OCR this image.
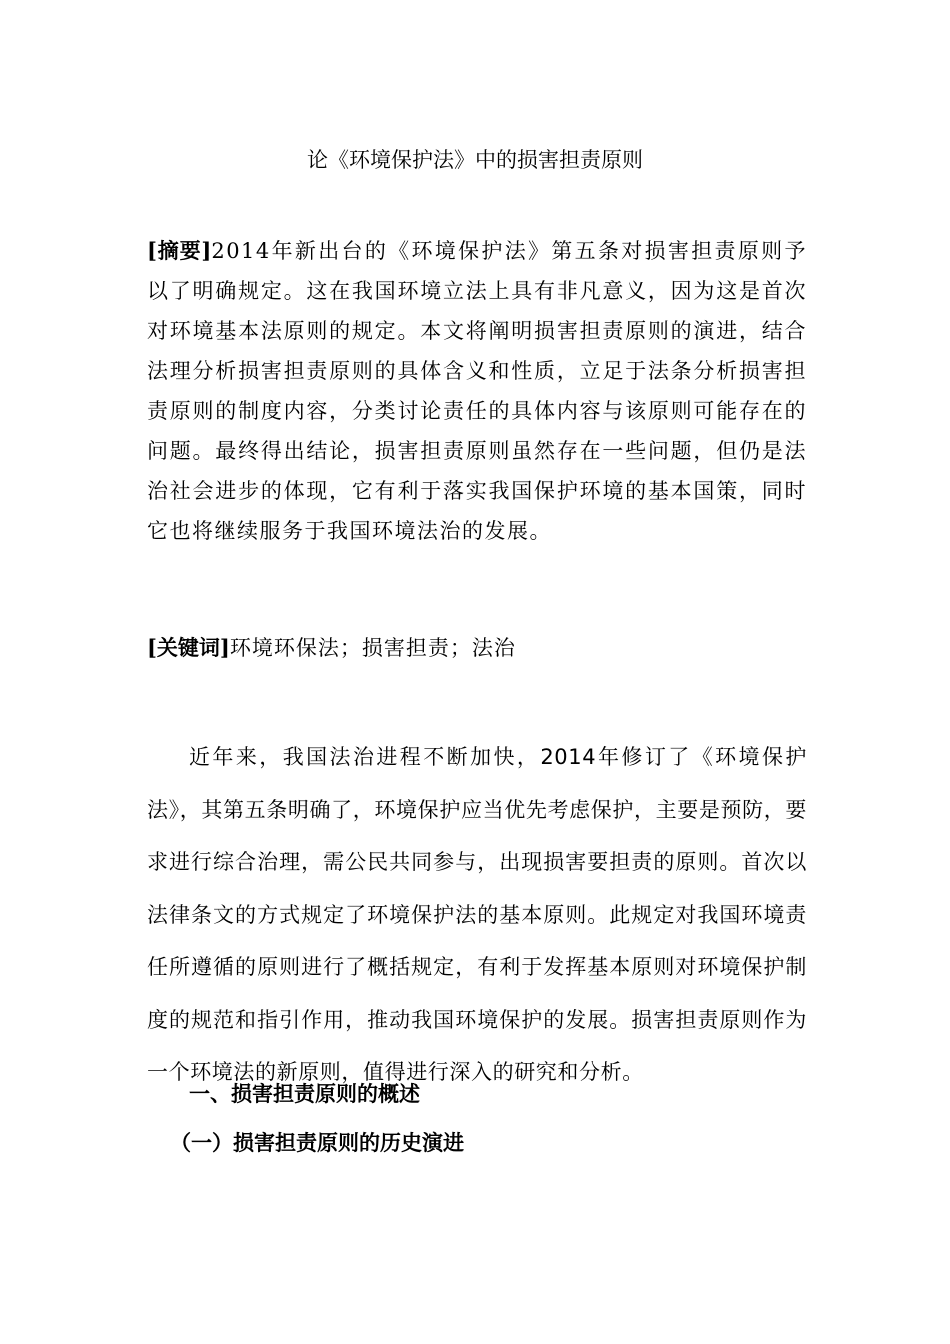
论《环境保护法》中的损害担责原则

[摘要]2014年新出台的《环境保护法》第五条对损害担责原则予以了明确规定。这在我国环境立法上具有非凡意义，因为这是首次对环境基本法原则的规定。本文将阐明损害担责原则的演进，结合法理分析损害担责原则的具体含义和性质，立足于法条分析损害担责原则的制度内容，分类讨论责任的具体内容与该原则可能存在的问题。最终得出结论，损害担责原则虽然存在一些问题，但仍是法治社会进步的体现，它有利于落实我国保护环境的基本国策，同时它也将继续服务于我国环境法治的发展。

[关键词]环境环保法；损害担责；法治

近年来，我国法治进程不断加快，2014年修订了《环境保护法》，其第五条明确了，环境保护应当优先考虑保护，主要是预防，要求进行综合治理，需公民共同参与，出现损害要担责的原则。首次以法律条文的方式规定了环境保护法的基本原则。此规定对我国环境责任所遵循的原则进行了概括规定，有利于发挥基本原则对环境保护制度的规范和指引作用，推动我国环境保护的发展。损害担责原则作为一个环境法的新原则，值得进行深入的研究和分析。

一、损害担责原则的概述
（一）损害担责原则的历史演进
